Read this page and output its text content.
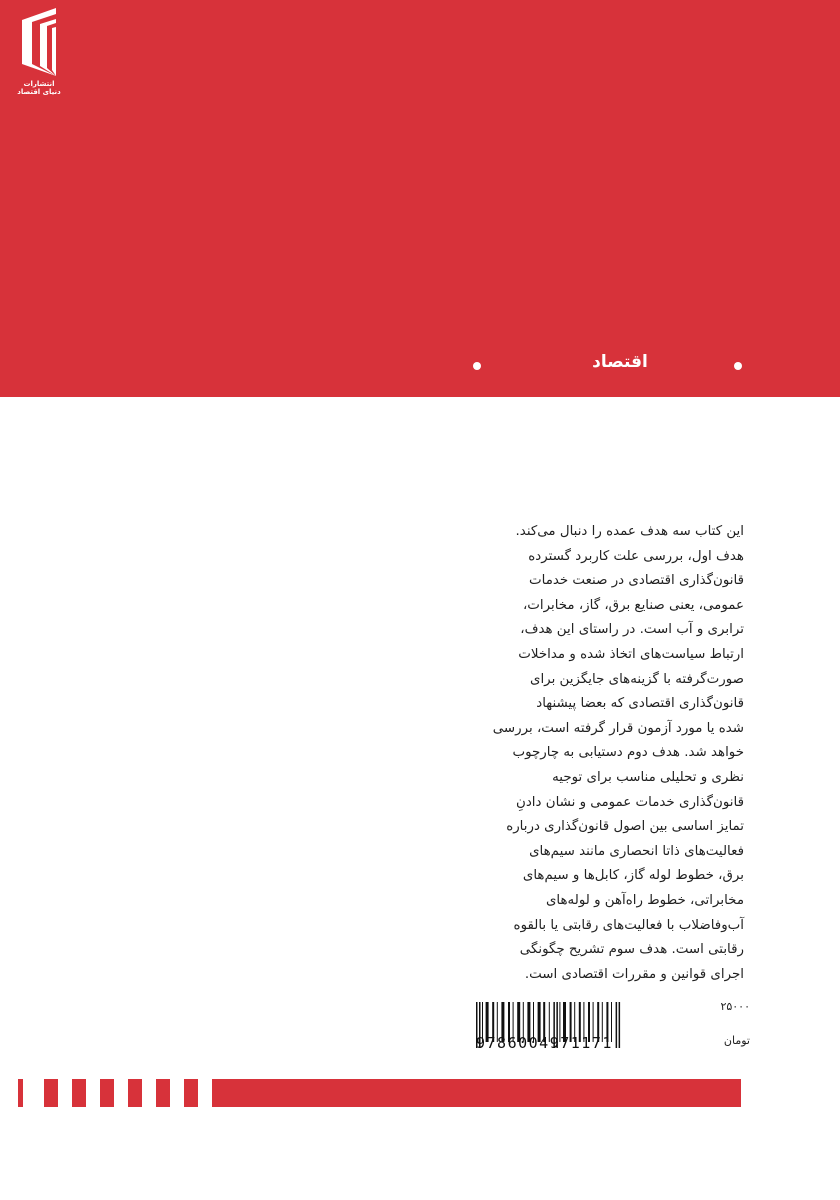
انتشارات
دنیای اقتصاد
اقتصاد
این کتاب سه هدف عمده را دنبال می‌کند.
هدف اول، بررسی علت کاربرد گسترده
قانون‌گذاری اقتصادی در صنعت خدمات
عمومی، یعنی صنایع برق، گاز، مخابرات،
ترابری و آب است. در راستای این هدف،
ارتباط سیاست‌های اتخاذ شده و مداخلات
صورت‌گرفته با گزینه‌های جایگزین برای
قانون‌گذاری اقتصادی که بعضا پیشنهاد
شده یا مورد آزمون قرار گرفته است، بررسی
خواهد شد. هدف دوم دستیابی به چارچوب
نظری و تحلیلی مناسب برای توجیه
قانون‌گذاری خدمات عمومی و نشان دادنِ
تمایز اساسی بین اصول قانون‌گذاری درباره
فعالیت‌های ذاتا انحصاری مانند سیم‌های
برق، خطوط لوله گاز، کابل‌ها و سیم‌های
مخابراتی، خطوط راه‌آهن و لوله‌های
آب‌وفاضلاب با فعالیت‌های رقابتی یا بالقوه
رقابتی است. هدف سوم تشریح چگونگی
اجرای قوانین و مقررات اقتصادی است.
9786004971171
۲۵۰۰۰
تومان
